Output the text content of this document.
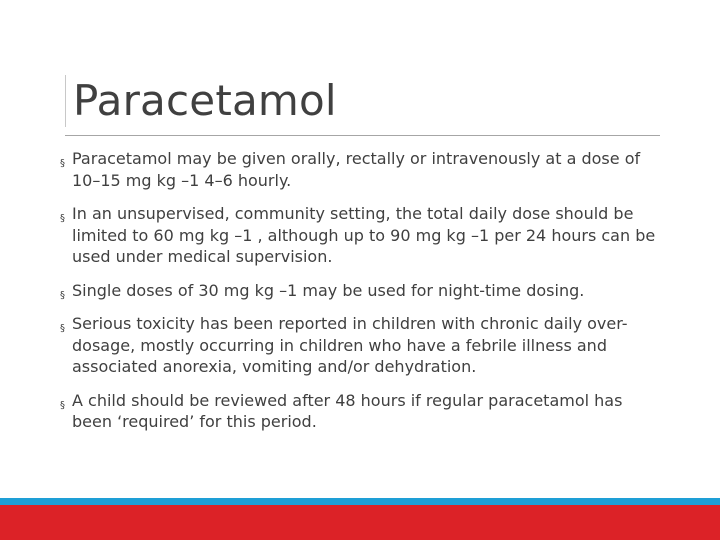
Paracetamol
§ Paracetamol may be given orally, rectally or intravenously at a dose of 10–15 mg kg –1 4–6 hourly.
§ In an unsupervised, community setting, the total daily dose should be limited to 60 mg kg –1 , although up to 90 mg kg –1 per 24 hours can be used under medical supervision.
§ Single doses of 30 mg kg –1 may be used for night-time dosing.
§ Serious toxicity has been reported in children with chronic daily over-dosage, mostly occurring in children who have a febrile illness and associated anorexia, vomiting and/or dehydration.
§ A child should be reviewed after 48 hours if regular paracetamol has been ‘required’ for this period.
